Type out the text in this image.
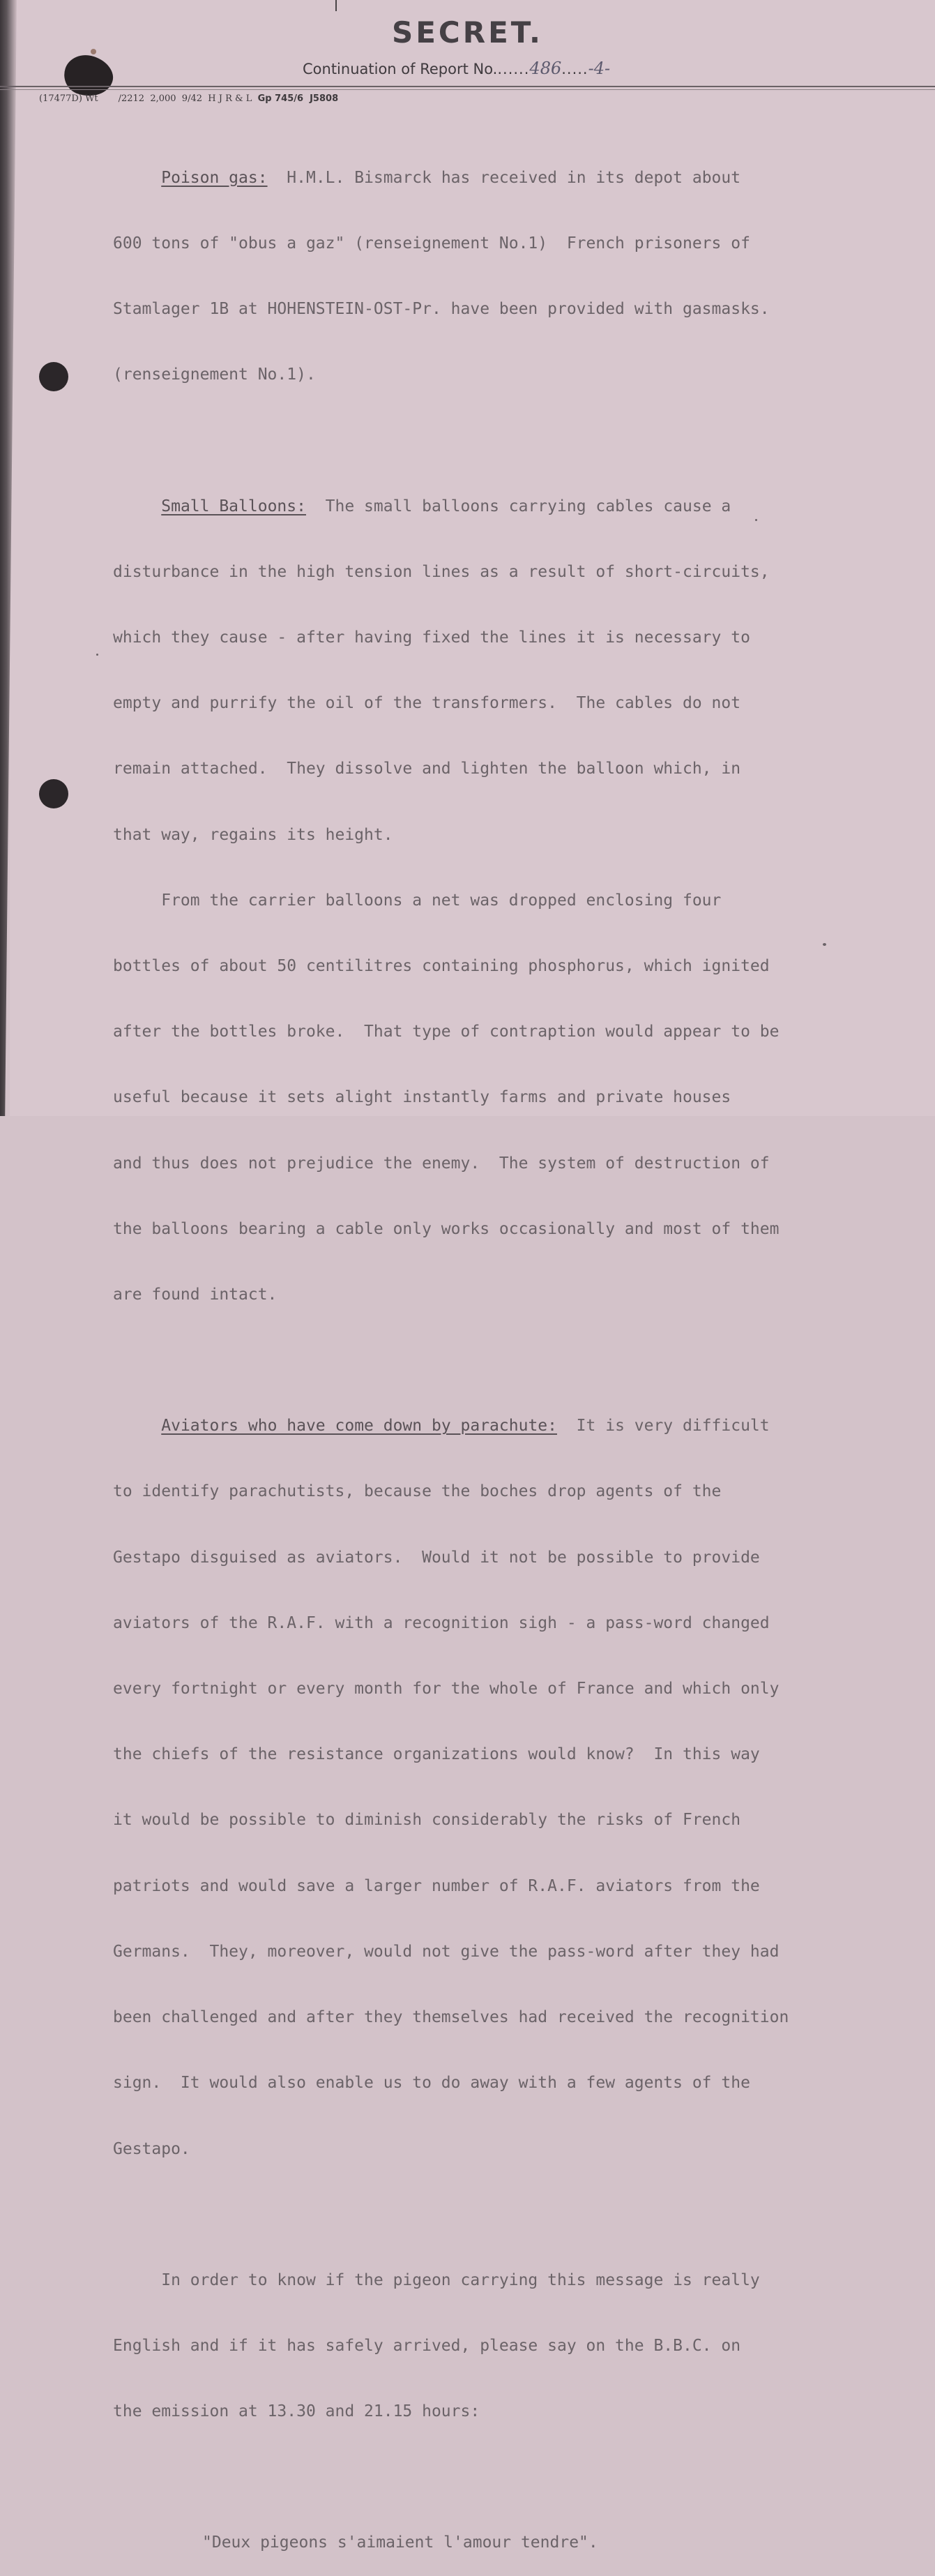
SECRET.
Continuation of Report No.......486.....-4-
(17477D) Wt /2212  2,000  9/42  H J R & L Gp 745/6  J5808

Poison gas:  H.M.L. Bismarck has received in its depot about

600 tons of "obus a gaz" (renseignement No.1)  French prisoners of

Stamlager 1B at HOHENSTEIN-OST-Pr. have been provided with gasmasks.

(renseignement No.1).

Small Balloons:  The small balloons carrying cables cause a

disturbance in the high tension lines as a result of short-circuits,

which they cause - after having fixed the lines it is necessary to

empty and purrify the oil of the transformers.  The cables do not

remain attached.  They dissolve and lighten the balloon which, in

that way, regains its height.

From the carrier balloons a net was dropped enclosing four

bottles of about 50 centilitres containing phosphorus, which ignited

after the bottles broke.  That type of contraption would appear to be

useful because it sets alight instantly farms and private houses

and thus does not prejudice the enemy.  The system of destruction of

the balloons bearing a cable only works occasionally and most of them

are found intact.

Aviators who have come down by parachute:  It is very difficult

to identify parachutists, because the boches drop agents of the

Gestapo disguised as aviators.  Would it not be possible to provide

aviators of the R.A.F. with a recognition sigh - a pass-word changed

every fortnight or every month for the whole of France and which only

the chiefs of the resistance organizations would know?  In this way

it would be possible to diminish considerably the risks of French

patriots and would save a larger number of R.A.F. aviators from the

Germans.  They, moreover, would not give the pass-word after they had

been challenged and after they themselves had received the recognition

sign.  It would also enable us to do away with a few agents of the

Gestapo.

In order to know if the pigeon carrying this message is really

English and if it has safely arrived, please say on the B.B.C. on

the emission at 13.30 and 21.15 hours:

"Deux pigeons s'aimaient l'amour tendre".
